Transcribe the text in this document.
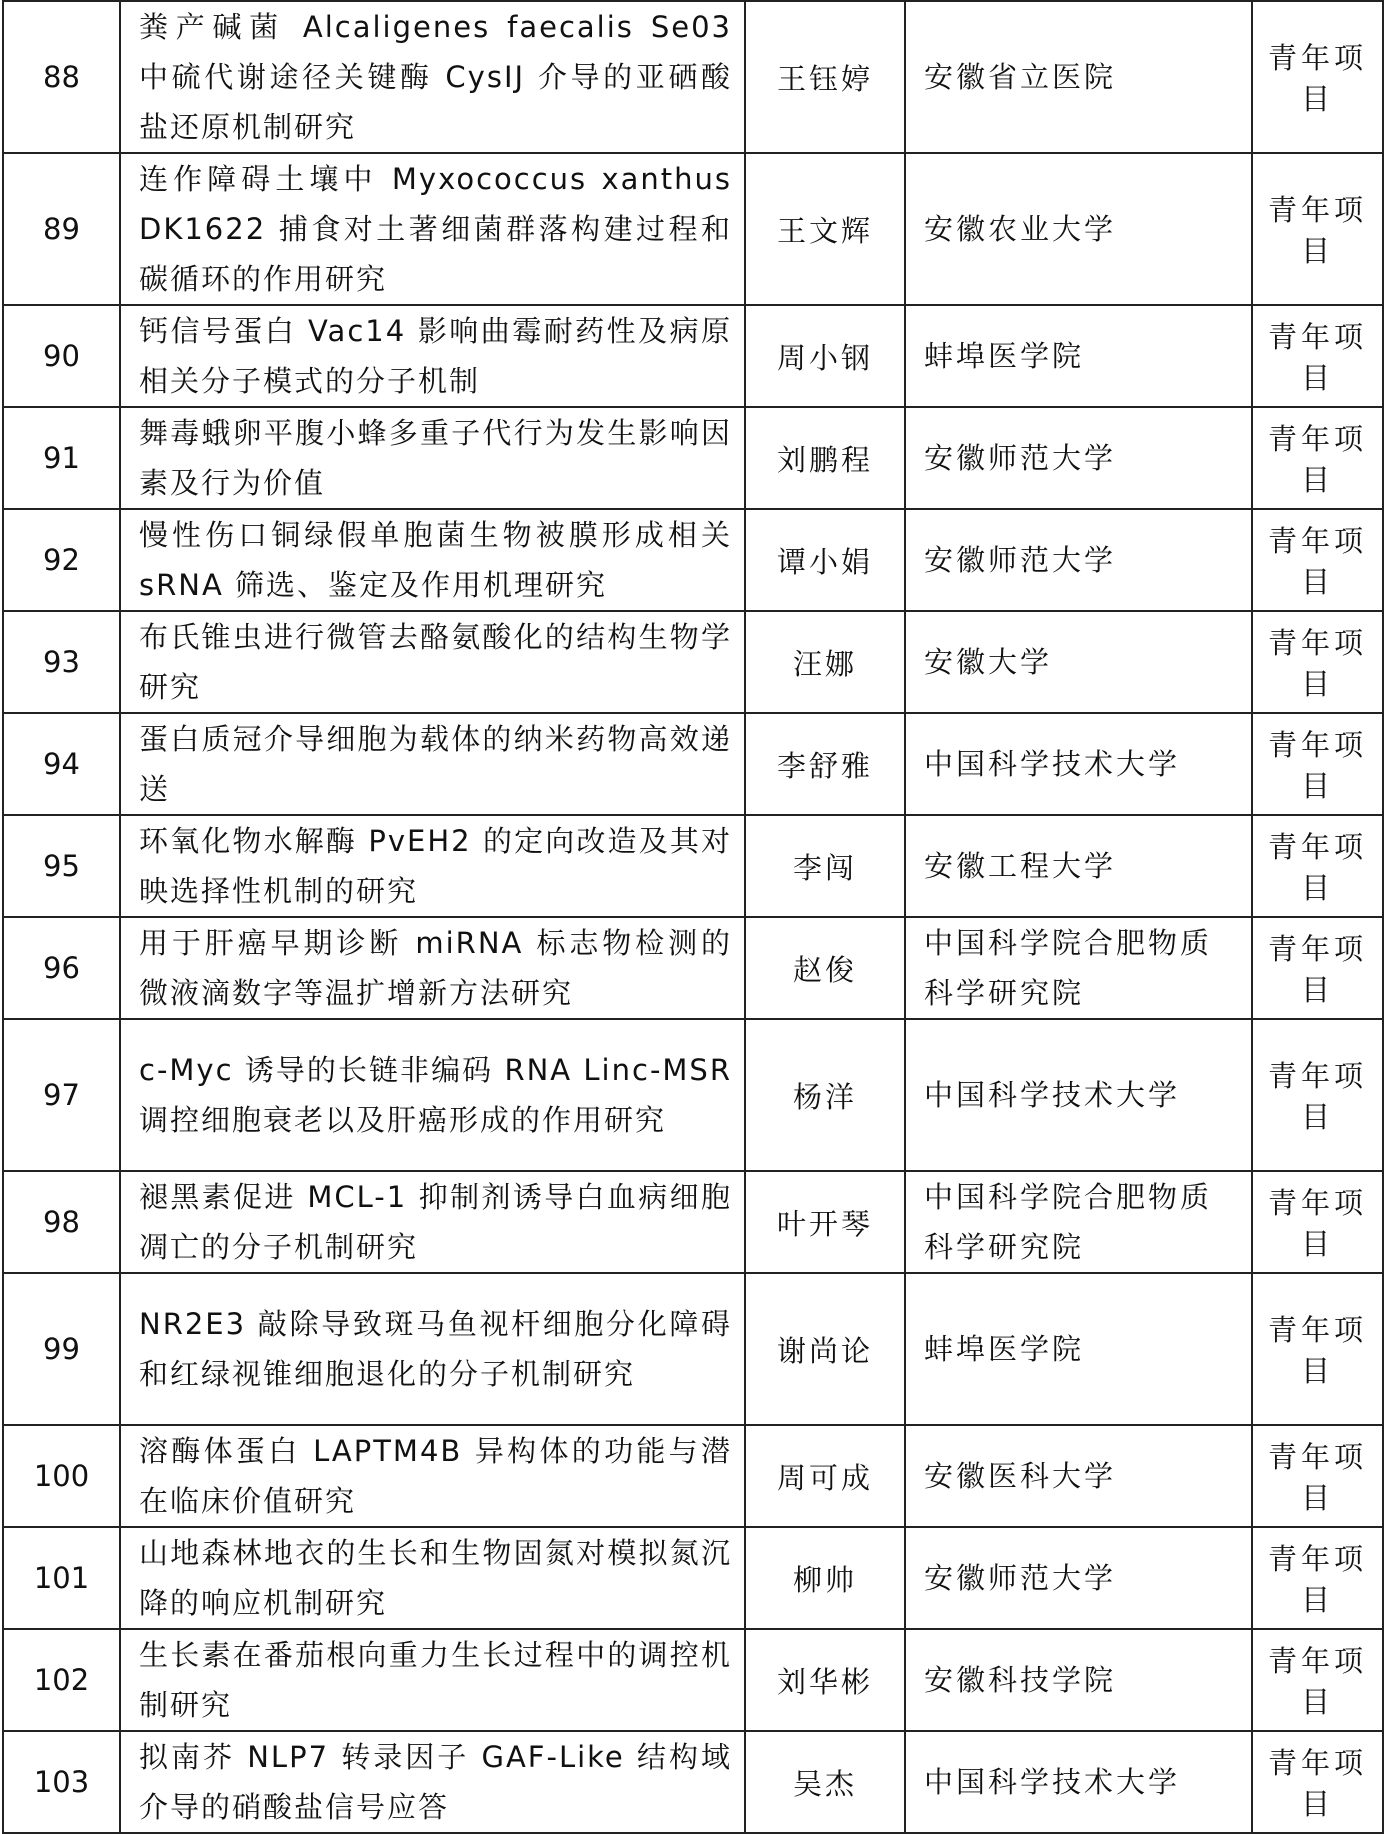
88	粪产碱菌 Alcaligenes faecalis Se03 中硫代谢途径关键酶 CysIJ 介导的亚硒酸盐还原机制研究	王钰婷	安徽省立医院	青年项目
89	连作障碍土壤中 Myxococcus xanthus DK1622 捕食对土著细菌群落构建过程和碳循环的作用研究	王文辉	安徽农业大学	青年项目
90	钙信号蛋白 Vac14 影响曲霉耐药性及病原相关分子模式的分子机制	周小钢	蚌埠医学院	青年项目
91	舞毒蛾卵平腹小蜂多重子代行为发生影响因素及行为价值	刘鹏程	安徽师范大学	青年项目
92	慢性伤口铜绿假单胞菌生物被膜形成相关 sRNA 筛选、鉴定及作用机理研究	谭小娟	安徽师范大学	青年项目
93	布氏锥虫进行微管去酪氨酸化的结构生物学研究	汪娜	安徽大学	青年项目
94	蛋白质冠介导细胞为载体的纳米药物高效递送	李舒雅	中国科学技术大学	青年项目
95	环氧化物水解酶 PvEH2 的定向改造及其对映选择性机制的研究	李闯	安徽工程大学	青年项目
96	用于肝癌早期诊断 miRNA 标志物检测的微液滴数字等温扩增新方法研究	赵俊	中国科学院合肥物质科学研究院	青年项目
97	c-Myc 诱导的长链非编码 RNA Linc-MSR 调控细胞衰老以及肝癌形成的作用研究	杨洋	中国科学技术大学	青年项目
98	褪黑素促进 MCL-1 抑制剂诱导白血病细胞凋亡的分子机制研究	叶开琴	中国科学院合肥物质科学研究院	青年项目
99	NR2E3 敲除导致斑马鱼视杆细胞分化障碍和红绿视锥细胞退化的分子机制研究	谢尚论	蚌埠医学院	青年项目
100	溶酶体蛋白 LAPTM4B 异构体的功能与潜在临床价值研究	周可成	安徽医科大学	青年项目
101	山地森林地衣的生长和生物固氮对模拟氮沉降的响应机制研究	柳帅	安徽师范大学	青年项目
102	生长素在番茄根向重力生长过程中的调控机制研究	刘华彬	安徽科技学院	青年项目
103	拟南芥 NLP7 转录因子 GAF-Like 结构域介导的硝酸盐信号应答	吴杰	中国科学技术大学	青年项目
